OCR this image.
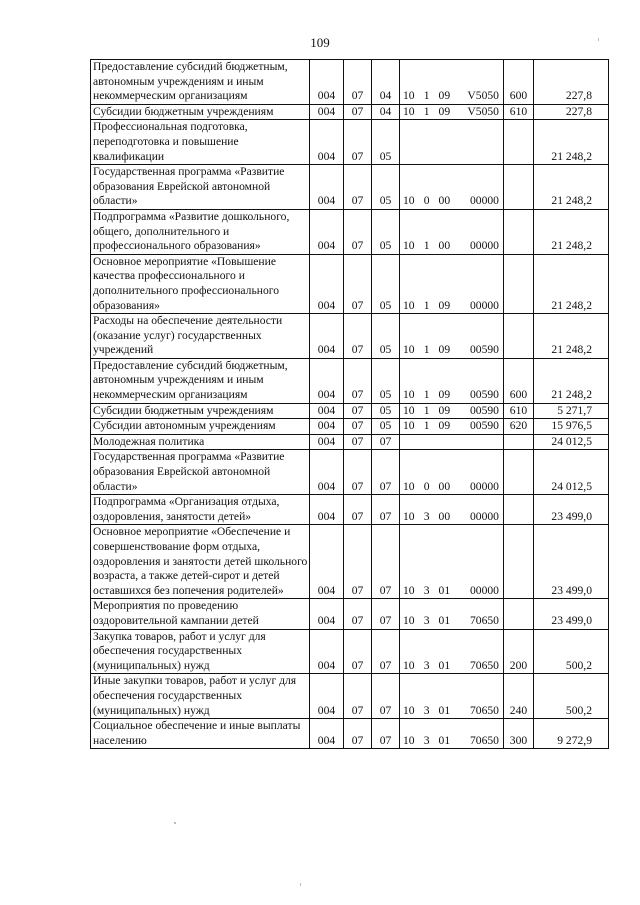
109
Предоставление субсидий бюджетным, автономным учреждениям и иным некоммерческим организациям	004	07	04	10 1 09 V5050	600	227,8
Субсидии бюджетным учреждениям	004	07	04	10 1 09 V5050	610	227,8
Профессиональная подготовка, переподготовка и повышение квалификации	004	07	05			21 248,2
Государственная программа «Развитие образования Еврейской автономной области»	004	07	05	10 0 00 00000		21 248,2
Подпрограмма «Развитие дошкольного, общего, дополнительного и профессионального образования»	004	07	05	10 1 00 00000		21 248,2
Основное мероприятие «Повышение качества профессионального и дополнительного профессионального образования»	004	07	05	10 1 09 00000		21 248,2
Расходы на обеспечение деятельности (оказание услуг) государственных учреждений	004	07	05	10 1 09 00590		21 248,2
Предоставление субсидий бюджетным, автономным учреждениям и иным некоммерческим организациям	004	07	05	10 1 09 00590	600	21 248,2
Субсидии бюджетным учреждениям	004	07	05	10 1 09 00590	610	5 271,7
Субсидии автономным учреждениям	004	07	05	10 1 09 00590	620	15 976,5
Молодежная политика	004	07	07			24 012,5
Государственная программа «Развитие образования Еврейской автономной области»	004	07	07	10 0 00 00000		24 012,5
Подпрограмма «Организация отдыха, оздоровления, занятости детей»	004	07	07	10 3 00 00000		23 499,0
Основное мероприятие «Обеспечение и совершенствование форм отдыха, оздоровления и занятости детей школьного возраста, а также детей-сирот и детей оставшихся без попечения родителей»	004	07	07	10 3 01 00000		23 499,0
Мероприятия по проведению оздоровительной кампании детей	004	07	07	10 3 01 70650		23 499,0
Закупка товаров, работ и услуг для обеспечения государственных (муниципальных) нужд	004	07	07	10 3 01 70650	200	500,2
Иные закупки товаров, работ и услуг для обеспечения государственных (муниципальных) нужд	004	07	07	10 3 01 70650	240	500,2
Социальное обеспечение и иные выплаты населению	004	07	07	10 3 01 70650	300	9 272,9
